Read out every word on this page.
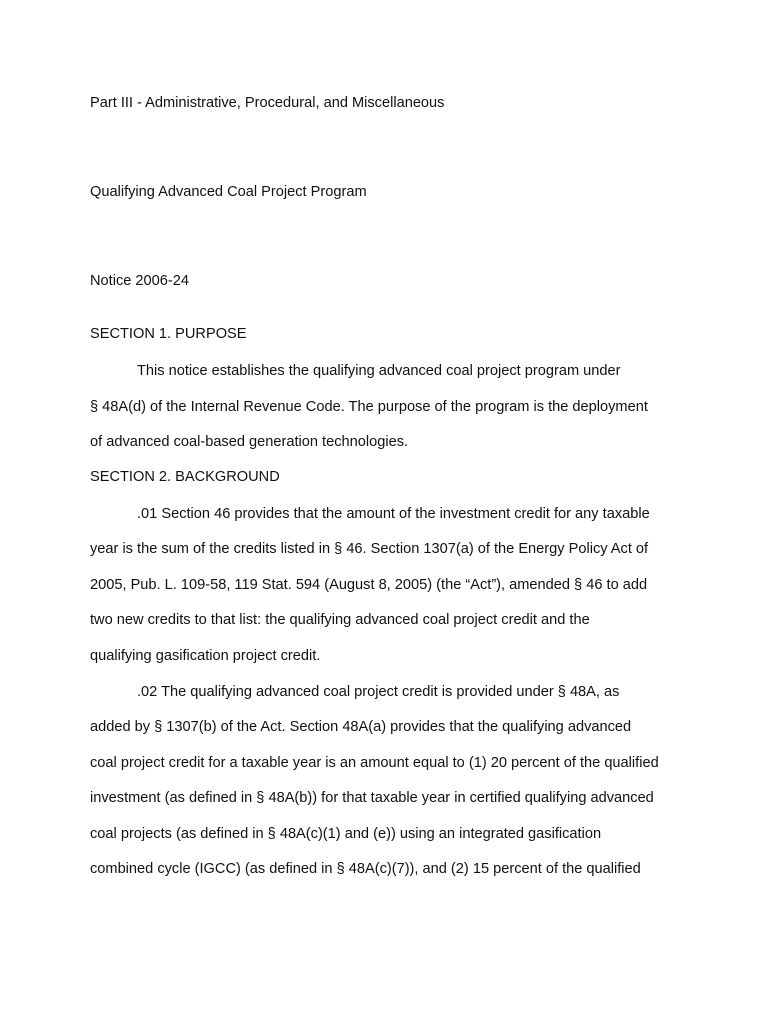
Part III - Administrative, Procedural, and Miscellaneous
Qualifying Advanced Coal Project Program
Notice 2006-24
SECTION 1. PURPOSE
This notice establishes the qualifying advanced coal project program under
§ 48A(d) of the Internal Revenue Code. The purpose of the program is the deployment
of advanced coal-based generation technologies.
SECTION 2. BACKGROUND
.01 Section 46 provides that the amount of the investment credit for any taxable
year is the sum of the credits listed in § 46. Section 1307(a) of the Energy Policy Act of
2005, Pub. L. 109-58, 119 Stat. 594 (August 8, 2005) (the “Act”), amended § 46 to add
two new credits to that list: the qualifying advanced coal project credit and the
qualifying gasification project credit.
.02 The qualifying advanced coal project credit is provided under § 48A, as
added by § 1307(b) of the Act. Section 48A(a) provides that the qualifying advanced
coal project credit for a taxable year is an amount equal to (1) 20 percent of the qualified
investment (as defined in § 48A(b)) for that taxable year in certified qualifying advanced
coal projects (as defined in § 48A(c)(1) and (e)) using an integrated gasification
combined cycle (IGCC) (as defined in § 48A(c)(7)), and (2) 15 percent of the qualified
